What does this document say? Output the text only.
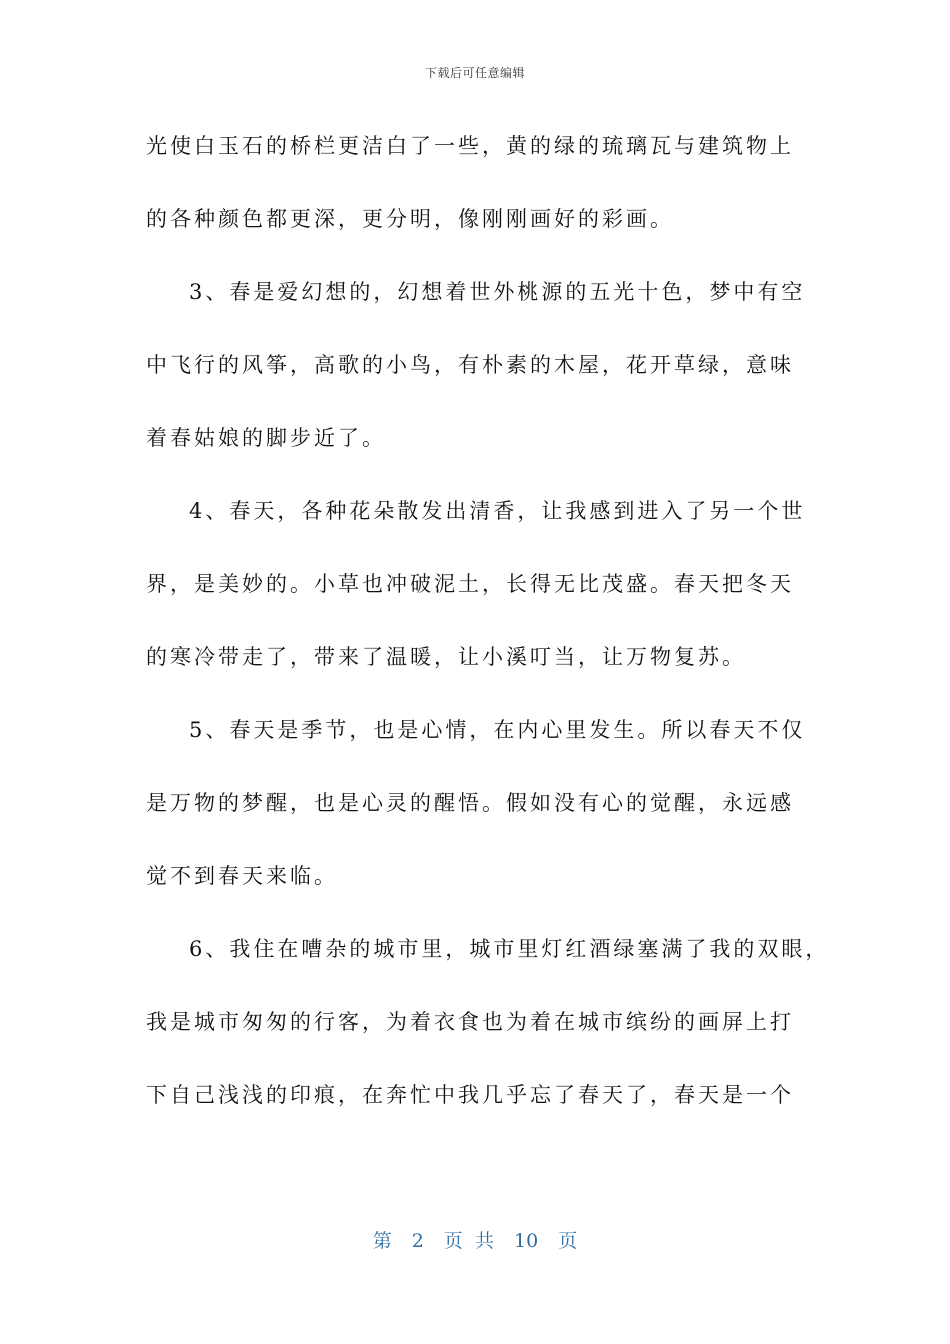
下载后可任意编辑
光使白玉石的桥栏更洁白了一些，黄的绿的琉璃瓦与建筑物上
的各种颜色都更深，更分明，像刚刚画好的彩画。
3、春是爱幻想的，幻想着世外桃源的五光十色，梦中有空
中飞行的风筝，高歌的小鸟，有朴素的木屋，花开草绿，意味
着春姑娘的脚步近了。
4、春天，各种花朵散发出清香，让我感到进入了另一个世
界，是美妙的。小草也冲破泥土，长得无比茂盛。春天把冬天
的寒冷带走了，带来了温暖，让小溪叮当，让万物复苏。
5、春天是季节，也是心情，在内心里发生。所以春天不仅
是万物的梦醒，也是心灵的醒悟。假如没有心的觉醒，永远感
觉不到春天来临。
6、我住在嘈杂的城市里，城市里灯红酒绿塞满了我的双眼，
我是城市匆匆的行客，为着衣食也为着在城市缤纷的画屏上打
下自己浅浅的印痕，在奔忙中我几乎忘了春天了，春天是一个
第 2 页 共 10 页
